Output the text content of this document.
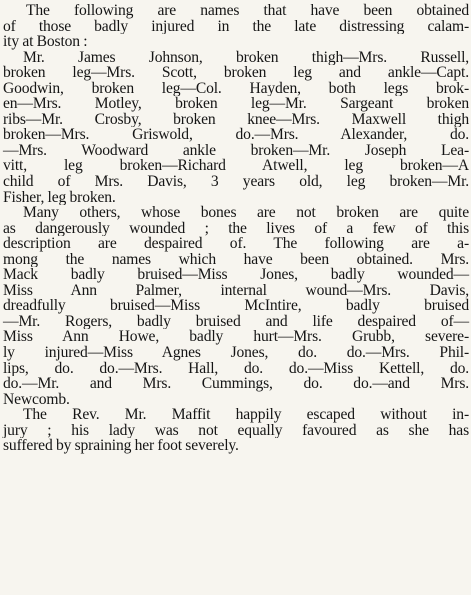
The following are names that have been obtained
of those badly injured in the late distressing calam-
ity at Boston :

Mr. James Johnson, broken thigh—Mrs. Russell,
broken leg—Mrs. Scott, broken leg and ankle—Capt.
Goodwin, broken leg—Col. Hayden, both legs brok-
en—Mrs. Motley, broken leg—Mr. Sargeant broken
ribs—Mr. Crosby, broken knee—Mrs. Maxwell thigh
broken—Mrs. Griswold, do.—Mrs. Alexander, do.
—Mrs. Woodward ankle broken—Mr. Joseph Lea-
vitt, leg broken—Richard Atwell, leg broken—A
child of Mrs. Davis, 3 years old, leg broken—Mr.
Fisher, leg broken.

Many others, whose bones are not broken are quite
as dangerously wounded ; the lives of a few of this
description are despaired of. The following are a-
mong the names which have been obtained. Mrs.
Mack badly bruised—Miss Jones, badly wounded—
Miss Ann Palmer, internal wound—Mrs. Davis,
dreadfully bruised—Miss McIntire, badly bruised
—Mr. Rogers, badly bruised and life despaired of—
Miss Ann Howe, badly hurt—Mrs. Grubb, severe-
ly injured—Miss Agnes Jones, do. do.—Mrs. Phil-
lips, do. do.—Mrs. Hall, do. do.—Miss Kettell, do.
do.—Mr. and Mrs. Cummings, do. do.—and Mrs.
Newcomb.

The Rev. Mr. Maffit happily escaped without in-
jury ; his lady was not equally favoured as she has
suffered by spraining her foot severely.
